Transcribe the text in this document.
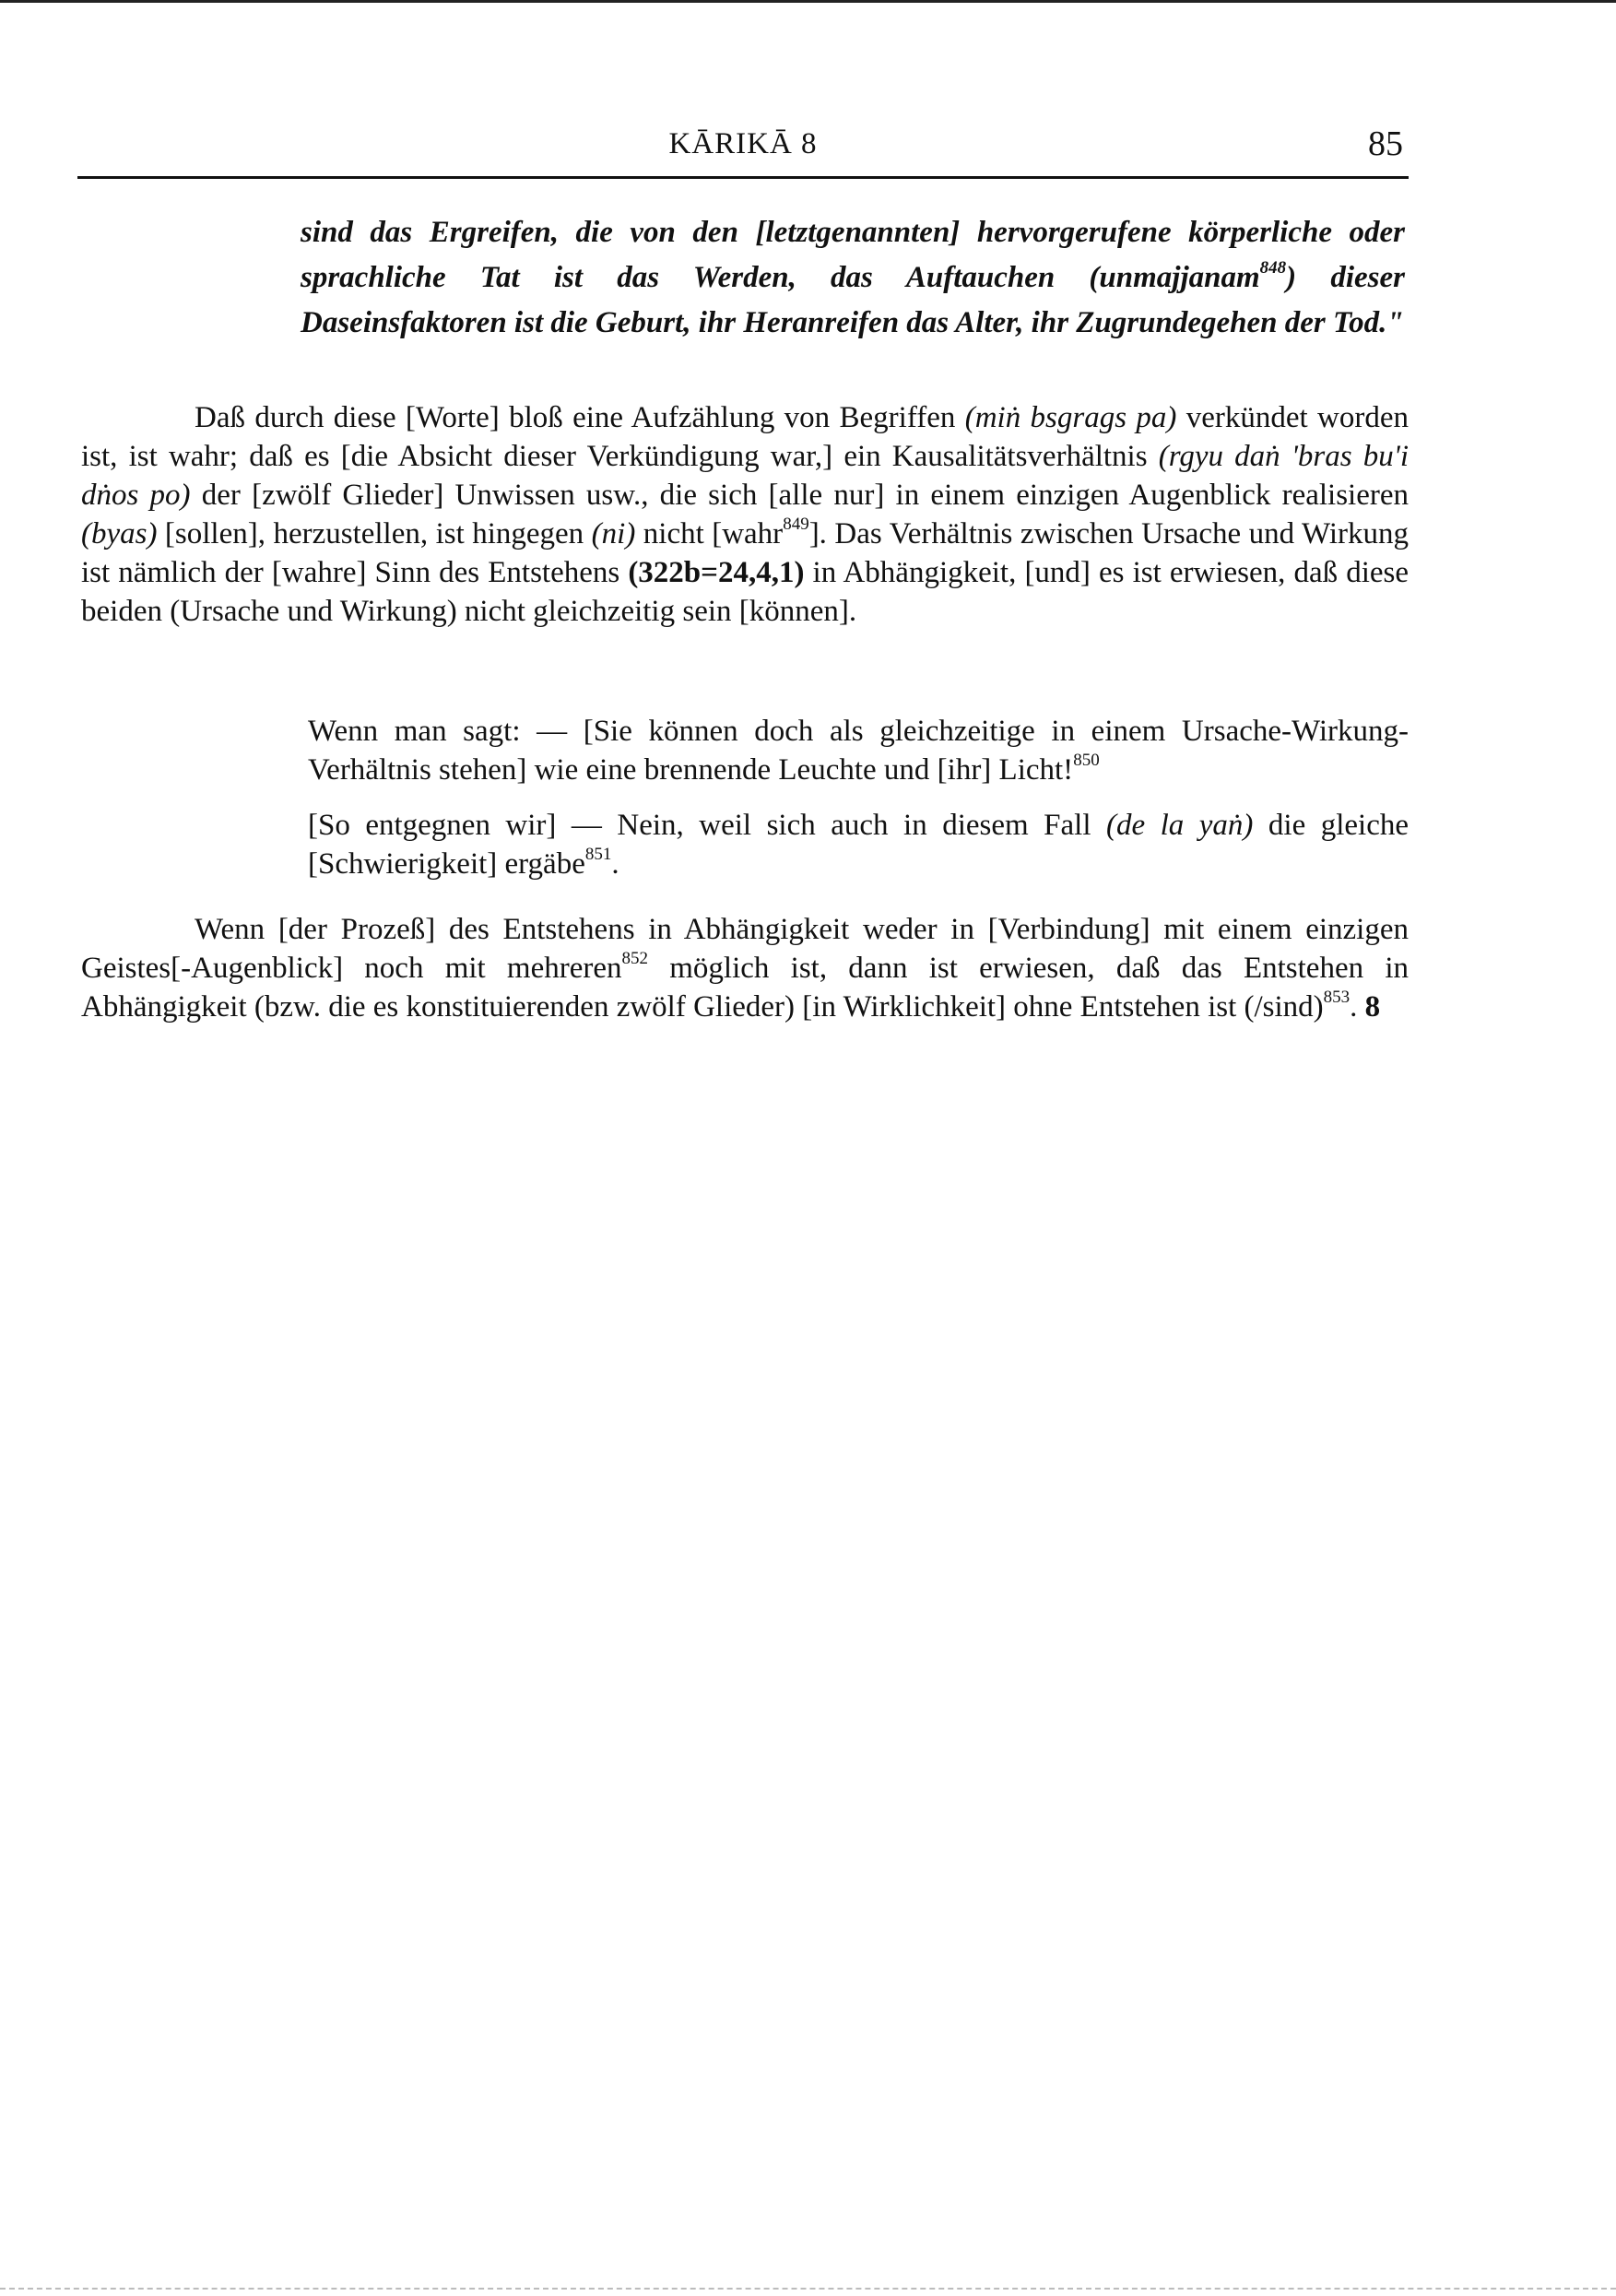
KĀRIKĀ 8	85

sind das Ergreifen, die von den [letztgenannten] hervorgerufene körperliche oder sprachliche Tat ist das Werden, das Auftauchen (unmajjanam$^{848}$) dieser Daseinsfaktoren ist die Geburt, ihr Heranreifen das Alter, ihr Zugrundegehen der Tod."

Daß durch diese [Worte] bloß eine Aufzählung von Begriffen (miṅ bsgrags pa) verkündet worden ist, ist wahr; daß es [die Absicht dieser Verkündigung war,] ein Kausalitätsverhältnis (rgyu daṅ 'bras bu'i dṅos po) der [zwölf Glieder] Unwissen usw., die sich [alle nur] in einem einzigen Augenblick realisieren (byas) [sollen], herzustellen, ist hingegen (ni) nicht [wahr$^{849}$]. Das Verhältnis zwischen Ursache und Wirkung ist nämlich der [wahre] Sinn des Entstehens (322b=24,4,1) in Abhängigkeit, [und] es ist erwiesen, daß diese beiden (Ursache und Wirkung) nicht gleichzeitig sein [können].

Wenn man sagt: — [Sie können doch als gleichzeitige in einem Ursache-Wirkung-Verhältnis stehen] wie eine brennende Leuchte und [ihr] Licht!$^{850}$

[So entgegnen wir] — Nein, weil sich auch in diesem Fall (de la yaṅ) die gleiche [Schwierigkeit] ergäbe$^{851}$.

Wenn [der Prozeß] des Entstehens in Abhängigkeit weder in [Verbindung] mit einem einzigen Geistes[-Augenblick] noch mit mehreren$^{852}$ möglich ist, dann ist erwiesen, daß das Entstehen in Abhängigkeit (bzw. die es konstituierenden zwölf Glieder) [in Wirklichkeit] ohne Entstehen ist $(/\sin d)^{853}$. 8
